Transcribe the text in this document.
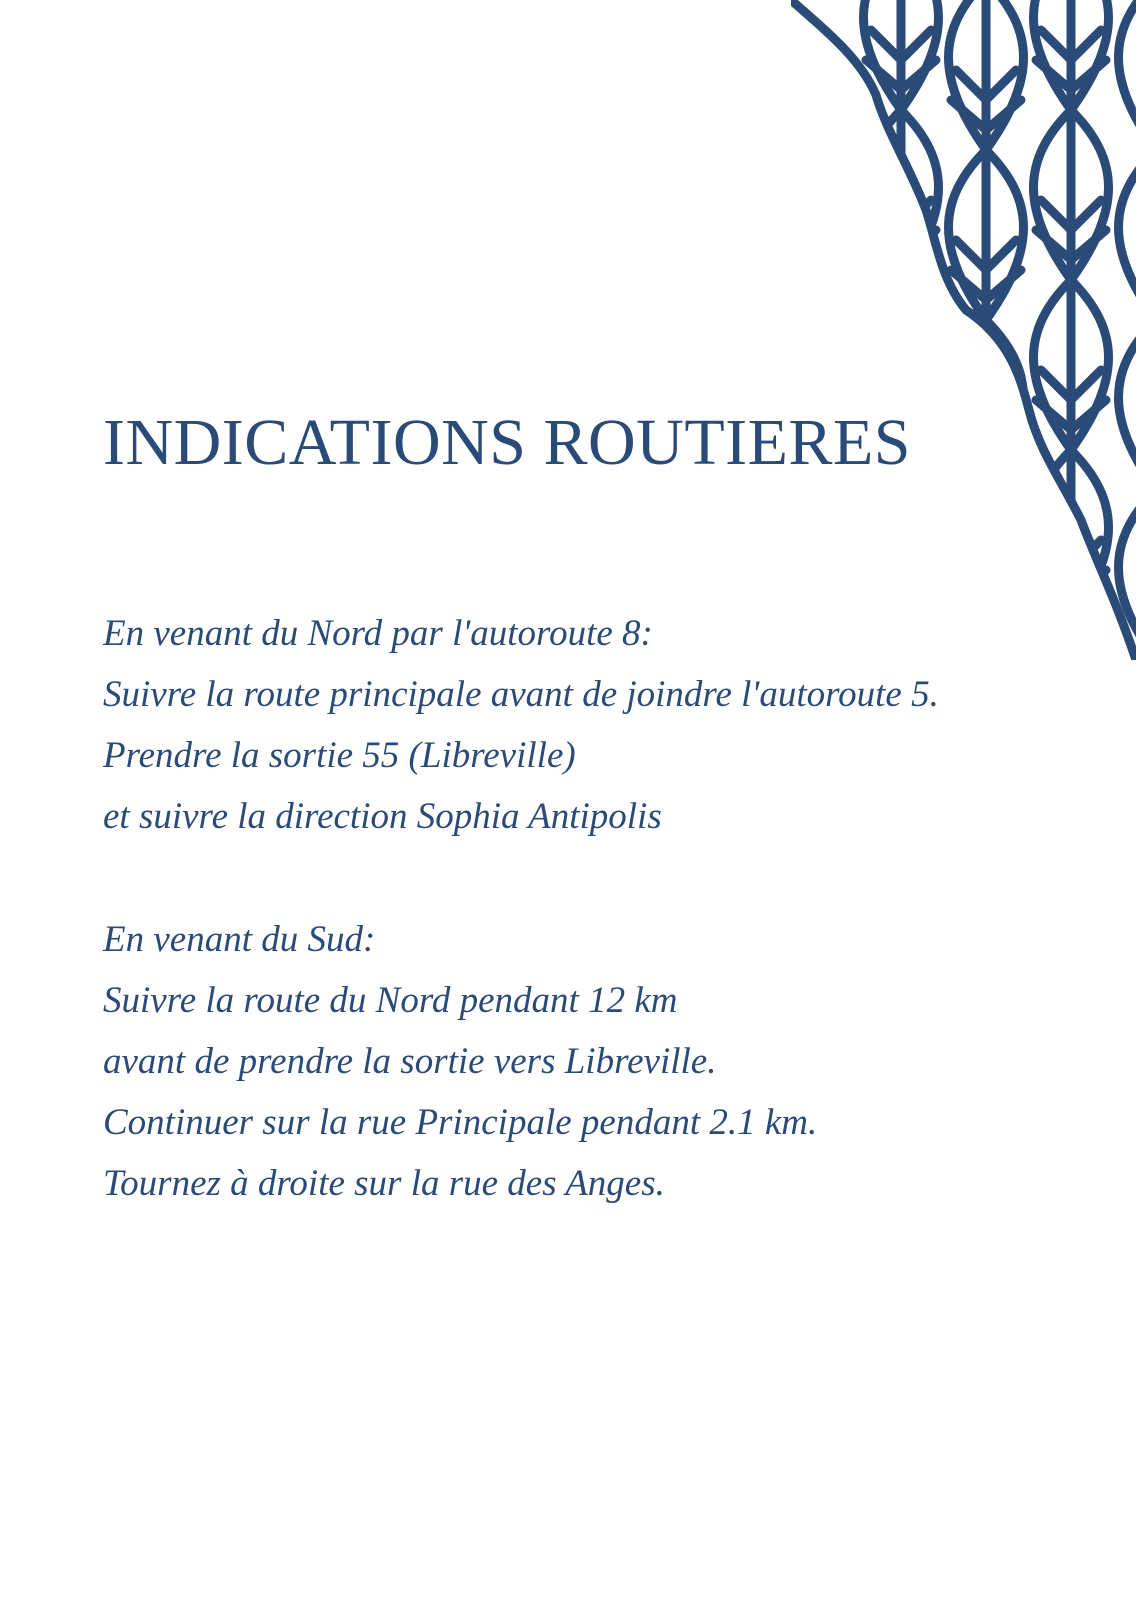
INDICATIONS ROUTIERES
En venant du Nord par l'autoroute 8:
Suivre la route principale avant de joindre l'autoroute 5.
Prendre la sortie 55 (Libreville)
et suivre la direction Sophia Antipolis
En venant du Sud:
Suivre la route du Nord pendant 12 km
avant de prendre la sortie vers Libreville.
Continuer sur la rue Principale pendant 2.1 km.
Tournez à droite sur la rue des Anges.
